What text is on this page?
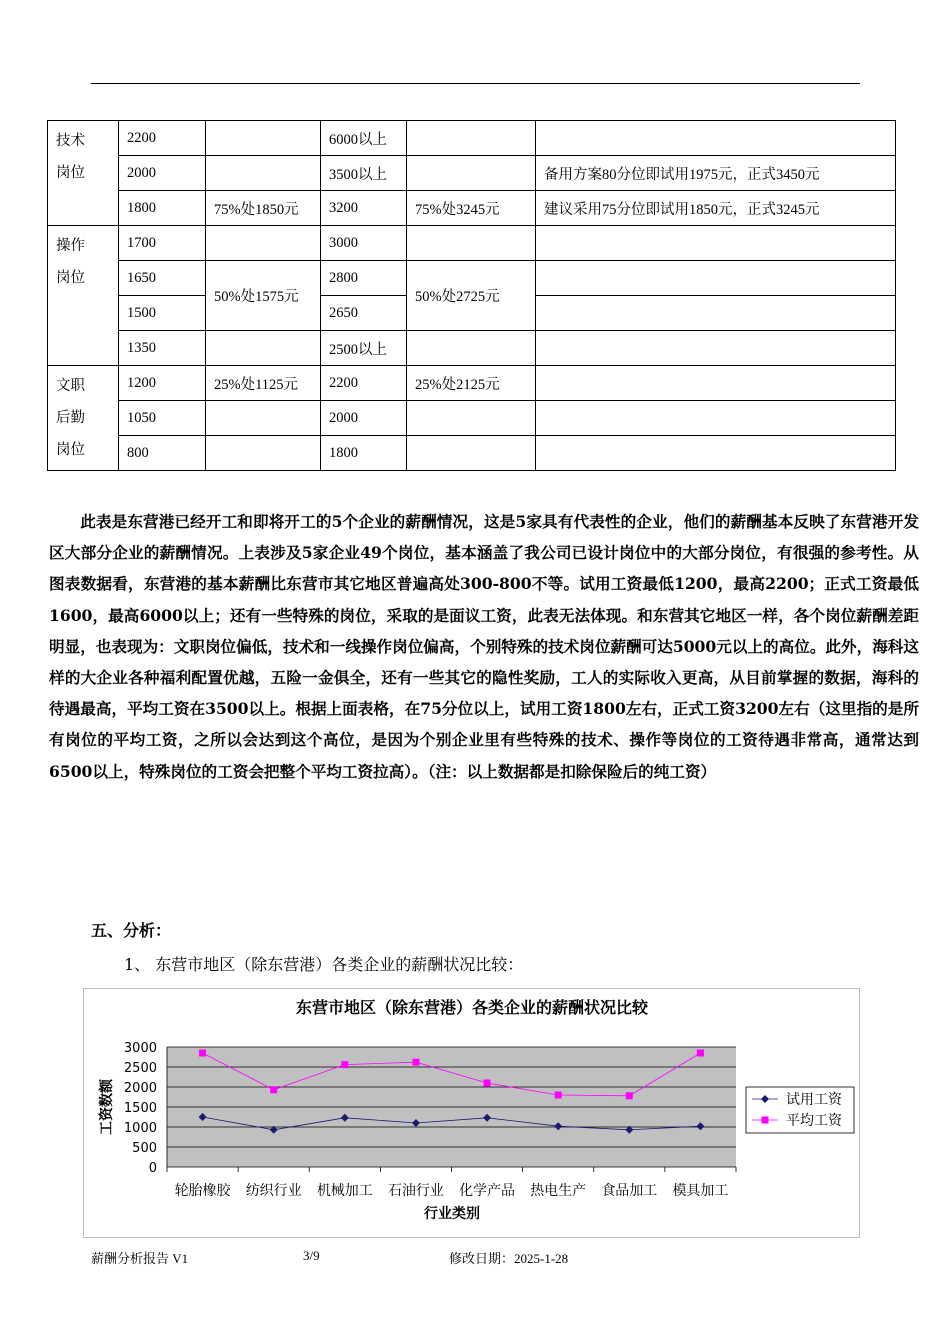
技术
岗位	2200		6000以上		
	2000		3500以上		备用方案80分位即试用1975元，正式3450元
	1800	75%处1850元	3200	75%处3245元	建议采用75分位即试用1850元，正式3245元

操作
岗位	1700		3000		
	1650	50%处1575元	2800	50%处2725元	
	1500		2650		
	1350		2500以上		

文职
后勤
岗位	1200	25%处1125元	2200	25%处2125元	
	1050		2000		
	800		1800		

此表是东营港已经开工和即将开工的5个企业的薪酬情况，这是5家具有代表性的企业，他们的薪酬基本反映了东营港开发区大部分企业的薪酬情况。上表涉及5家企业49个岗位，基本涵盖了我公司已设计岗位中的大部分岗位，有很强的参考性。从图表数据看，东营港的基本薪酬比东营市其它地区普遍高处300-800不等。试用工资最低1200，最高2200；正式工资最低1600，最高6000以上；还有一些特殊的岗位，采取的是面议工资，此表无法体现。和东营其它地区一样，各个岗位薪酬差距明显，也表现为：文职岗位偏低，技术和一线操作岗位偏高，个别特殊的技术岗位薪酬可达5000元以上的高位。此外，海科这样的大企业各种福利配置优越，五险一金俱全，还有一些其它的隐性奖励，工人的实际收入更高，从目前掌握的数据，海科的待遇最高，平均工资在3500以上。根据上面表格，在75分位以上，试用工资1800左右，正式工资3200左右（这里指的是所有岗位的平均工资，之所以会达到这个高位，是因为个别企业里有些特殊的技术、操作等岗位的工资待遇非常高，通常达到6500以上，特殊岗位的工资会把整个平均工资拉高）。（注：以上数据都是扣除保险后的纯工资）

五、分析：
1、 东营市地区（除东营港）各类企业的薪酬状况比较：
0
500
1000
1500
2000
2500
3000
轮胎橡胶 纺织行业 机械加工 石油行业 化学产品 热电生产 食品加工 模具加工
东营市地区（除东营港）各类企业的薪酬状况比较
行业类别
工资数额	试用工资
平均工资
薪酬分析报告 V1	3/9	修改日期：2025-1-28
